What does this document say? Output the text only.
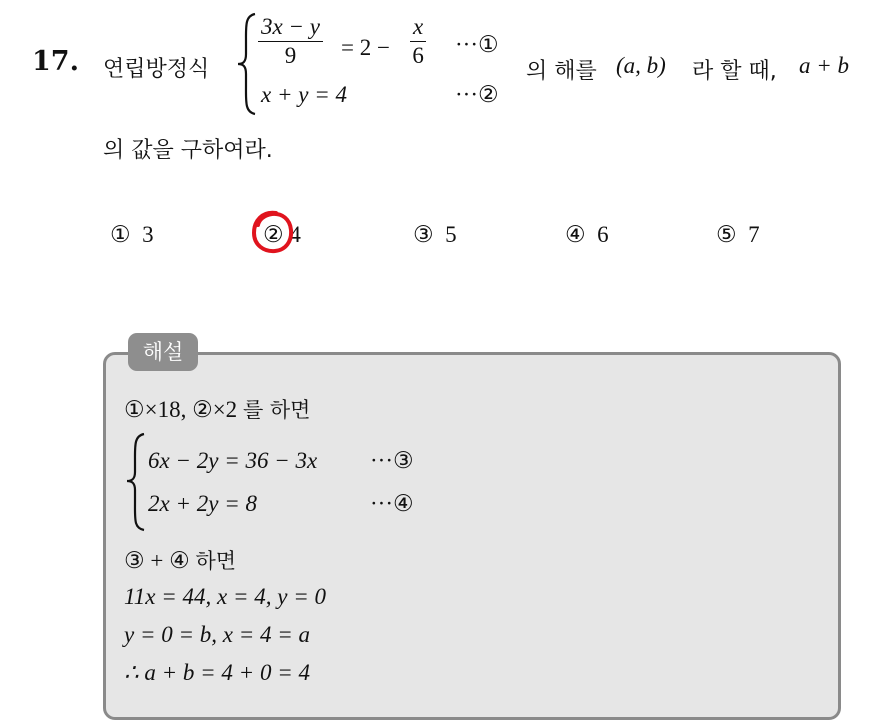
17. 연립방정식
$\frac{3x - y}{9} = 2 - \frac{x}{6}$ ···①
x + y = 4	···②
의 해를 (a, b) 라 할 때, a + b
의 값을 구하여라.
① 3	② 4	③ 5	④ 6	⑤ 7
해설
①×18, ②×2 를 하면
6x − 2y = 36 − 3x ···③
2x + 2y = 8	···④
③ + ④ 하면
11x = 44, x = 4, y = 0
y = 0 = b, x = 4 = a
∴ a + b = 4 + 0 = 4
